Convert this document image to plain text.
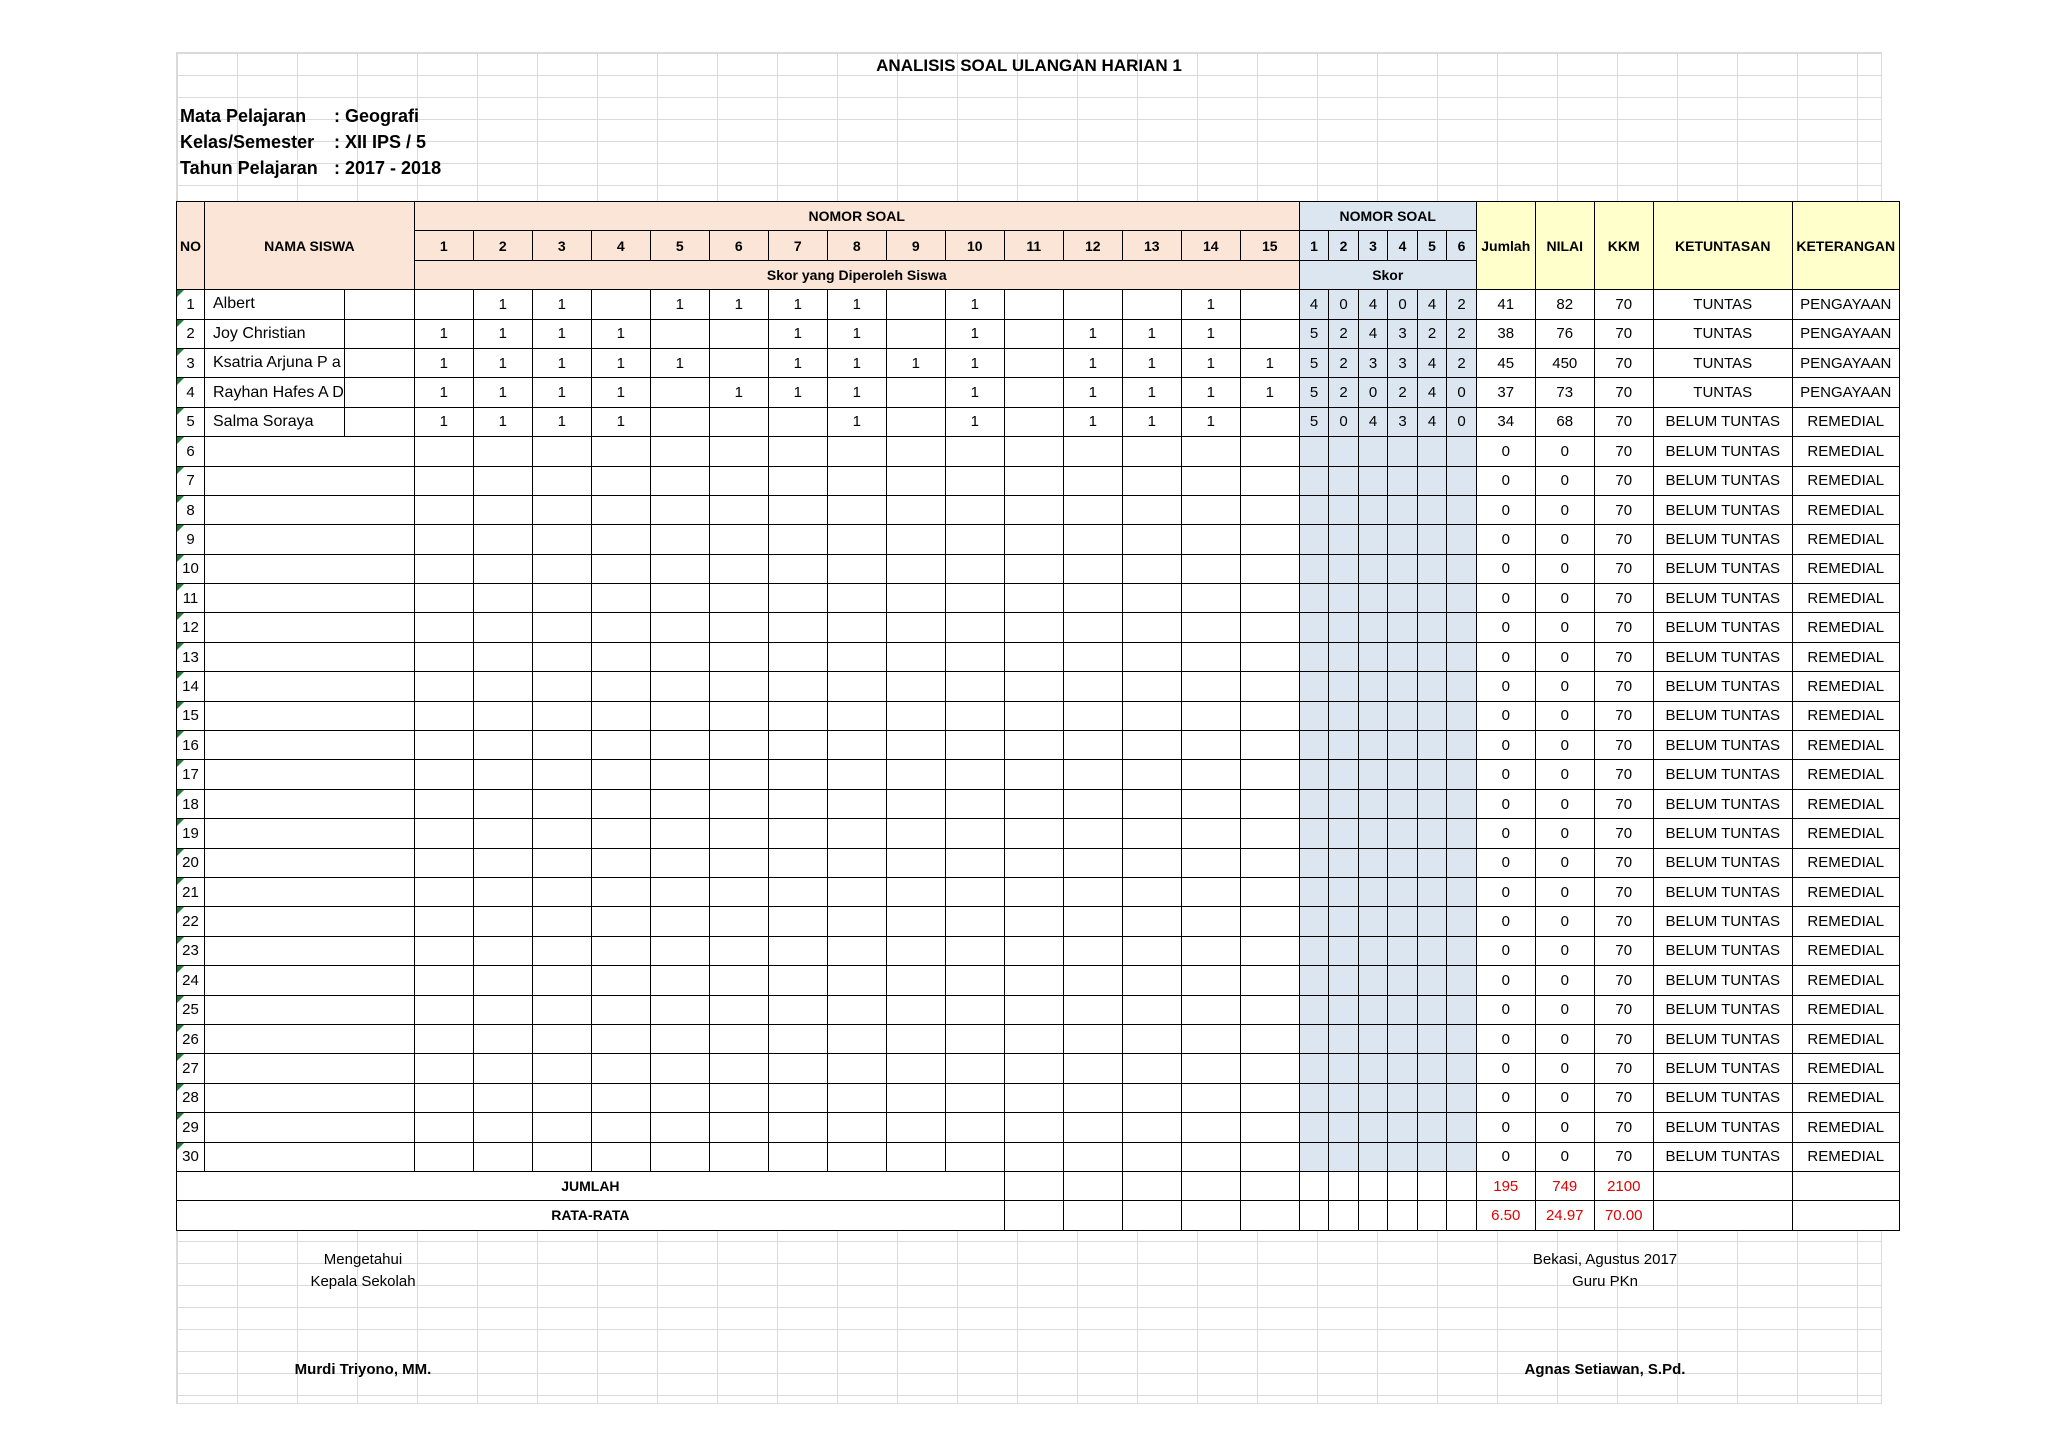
ANALISIS SOAL ULANGAN HARIAN 1
Mata Pelajaran : Geografi
Kelas/Semester : XII IPS / 5
Tahun Pelajaran : 2017 - 2018
NO	NAMA SISWA		NOMOR SOAL															NOMOR SOAL						Jumlah	NILAI	KKM	KETUNTASAN	KETERANGAN
			1	2	3	4	5	6	7	8	9	10	11	12	13	14	15	1	2	3	4	5	6					
			Skor yang Diperoleh Siswa															Skor										
1	Albert			1	1		1	1	1	1		1				1		4	0	4	0	4	2	41	82	70	TUNTAS	PENGAYAAN
2	Joy Christian		1	1	1	1			1	1		1		1	1	1		5	2	4	3	2	2	38	76	70	TUNTAS	PENGAYAAN
3	Ksatria Arjuna P a		1	1	1	1	1		1	1	1	1		1	1	1	1	5	2	3	3	4	2	45	450	70	TUNTAS	PENGAYAAN
4	Rayhan Hafes A D		1	1	1	1		1	1	1		1		1	1	1	1	5	2	0	2	4	0	37	73	70	TUNTAS	PENGAYAAN
5	Salma Soraya		1	1	1	1				1		1		1	1	1		5	0	4	3	4	0	34	68	70	BELUM TUNTAS	REMEDIAL
6																								0	0	70	BELUM TUNTAS	REMEDIAL
7																								0	0	70	BELUM TUNTAS	REMEDIAL
8																								0	0	70	BELUM TUNTAS	REMEDIAL
9																								0	0	70	BELUM TUNTAS	REMEDIAL
10																								0	0	70	BELUM TUNTAS	REMEDIAL
11																								0	0	70	BELUM TUNTAS	REMEDIAL
12																								0	0	70	BELUM TUNTAS	REMEDIAL
13																								0	0	70	BELUM TUNTAS	REMEDIAL
14																								0	0	70	BELUM TUNTAS	REMEDIAL
15																								0	0	70	BELUM TUNTAS	REMEDIAL
16																								0	0	70	BELUM TUNTAS	REMEDIAL
17																								0	0	70	BELUM TUNTAS	REMEDIAL
18																								0	0	70	BELUM TUNTAS	REMEDIAL
19																								0	0	70	BELUM TUNTAS	REMEDIAL
20																								0	0	70	BELUM TUNTAS	REMEDIAL
21																								0	0	70	BELUM TUNTAS	REMEDIAL
22																								0	0	70	BELUM TUNTAS	REMEDIAL
23																								0	0	70	BELUM TUNTAS	REMEDIAL
24																								0	0	70	BELUM TUNTAS	REMEDIAL
25																								0	0	70	BELUM TUNTAS	REMEDIAL
26																								0	0	70	BELUM TUNTAS	REMEDIAL
27																								0	0	70	BELUM TUNTAS	REMEDIAL
28																								0	0	70	BELUM TUNTAS	REMEDIAL
29																								0	0	70	BELUM TUNTAS	REMEDIAL
30																								0	0	70	BELUM TUNTAS	REMEDIAL
JUMLAH																								195	749	2100		
RATA-RATA																								6.50	24.97	70.00		
Mengetahui
Kepala Sekolah
Murdi Triyono, MM.
Bekasi, Agustus 2017
Guru PKn
Agnas Setiawan, S.Pd.
